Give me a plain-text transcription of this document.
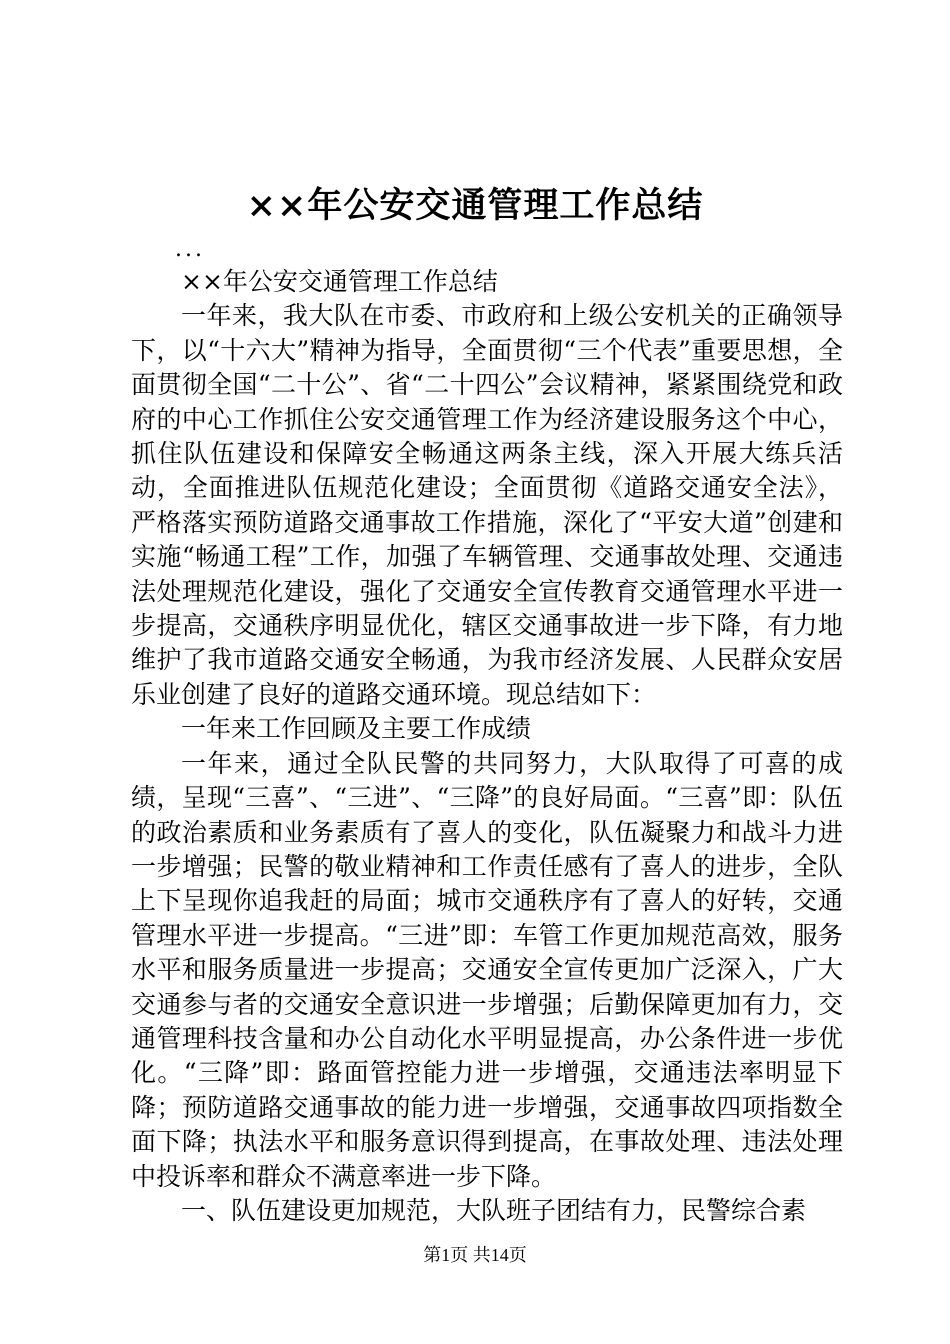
××年公安交通管理工作总结
...

××年公安交通管理工作总结

一年来，我大队在市委、市政府和上级公安机关的正确领导下，以“十六大”精神为指导，全面贯彻“三个代表”重要思想，全面贯彻全国“二十公”、省“二十四公”会议精神，紧紧围绕党和政府的中心工作抓住公安交通管理工作为经济建设服务这个中心，抓住队伍建设和保障安全畅通这两条主线，深入开展大练兵活动，全面推进队伍规范化建设；全面贯彻《道路交通安全法》，严格落实预防道路交通事故工作措施，深化了“平安大道”创建和实施“畅通工程”工作，加强了车辆管理、交通事故处理、交通违法处理规范化建设，强化了交通安全宣传教育交通管理水平进一步提高，交通秩序明显优化，辖区交通事故进一步下降，有力地维护了我市道路交通安全畅通，为我市经济发展、人民群众安居乐业创建了良好的道路交通环境。现总结如下：

一年来工作回顾及主要工作成绩

一年来，通过全队民警的共同努力，大队取得了可喜的成绩，呈现“三喜”、“三进”、“三降”的良好局面。“三喜”即：队伍的政治素质和业务素质有了喜人的变化，队伍凝聚力和战斗力进一步增强；民警的敬业精神和工作责任感有了喜人的进步，全队上下呈现你追我赶的局面；城市交通秩序有了喜人的好转，交通管理水平进一步提高。“三进”即：车管工作更加规范高效，服务水平和服务质量进一步提高；交通安全宣传更加广泛深入，广大交通参与者的交通安全意识进一步增强；后勤保障更加有力，交通管理科技含量和办公自动化水平明显提高，办公条件进一步优化。“三降”即：路面管控能力进一步增强，交通违法率明显下降；预防道路交通事故的能力进一步增强，交通事故四项指数全面下降；执法水平和服务意识得到提高，在事故处理、违法处理中投诉率和群众不满意率进一步下降。

一、队伍建设更加规范，大队班子团结有力，民警综合素

第1页 共14页
